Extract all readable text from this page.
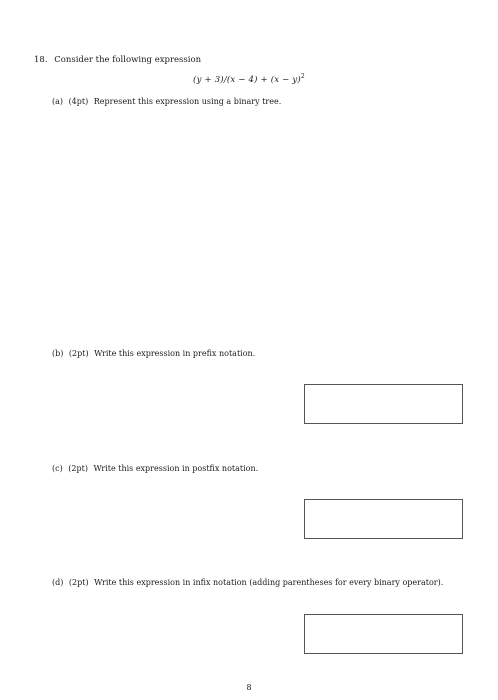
18. Consider the following expression
$(y + 3)/(x - 4) + (x - y)^2$
(a) (4pt) Represent this expression using a binary tree.
(b) (2pt) Write this expression in prefix notation.
(c) (2pt) Write this expression in postfix notation.
(d) (2pt) Write this expression in infix notation (adding parentheses for every binary operator).
8
